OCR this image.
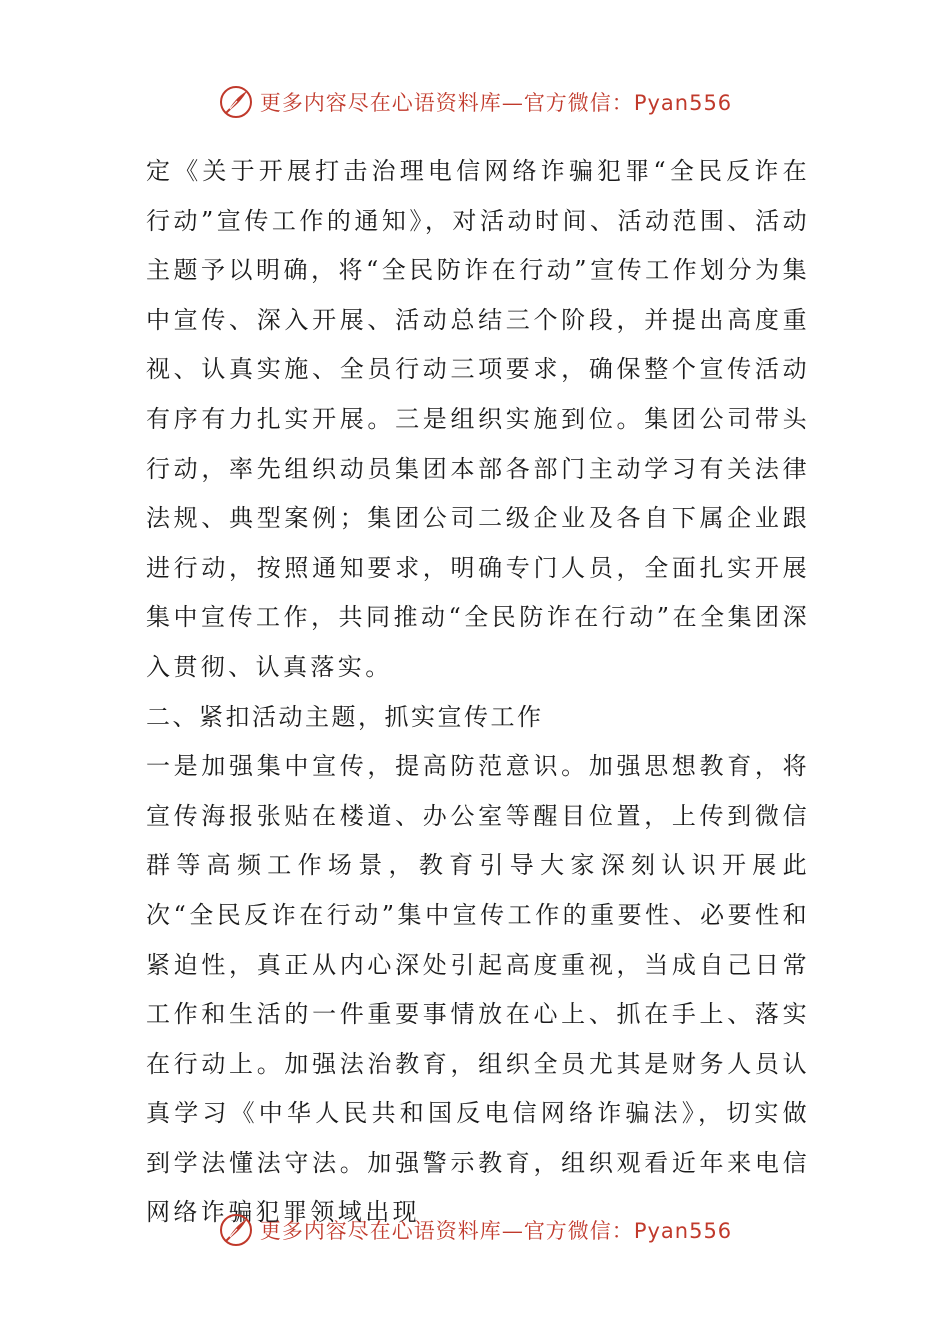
更多内容尽在心语资料库—官方微信：Pyan556

定《关于开展打击治理电信网络诈骗犯罪“全民反诈在行动”宣传工作的通知》，对活动时间、活动范围、活动主题予以明确，将“全民防诈在行动”宣传工作划分为集中宣传、深入开展、活动总结三个阶段，并提出高度重视、认真实施、全员行动三项要求，确保整个宣传活动有序有力扎实开展。三是组织实施到位。集团公司带头行动，率先组织动员集团本部各部门主动学习有关法律法规、典型案例；集团公司二级企业及各自下属企业跟进行动，按照通知要求，明确专门人员，全面扎实开展集中宣传工作，共同推动“全民防诈在行动”在全集团深入贯彻、认真落实。

二、紧扣活动主题，抓实宣传工作

一是加强集中宣传，提高防范意识。加强思想教育，将宣传海报张贴在楼道、办公室等醒目位置，上传到微信群等高频工作场景，教育引导大家深刻认识开展此次“全民反诈在行动”集中宣传工作的重要性、必要性和紧迫性，真正从内心深处引起高度重视，当成自己日常工作和生活的一件重要事情放在心上、抓在手上、落实在行动上。加强法治教育，组织全员尤其是财务人员认真学习《中华人民共和国反电信网络诈骗法》，切实做到学法懂法守法。加强警示教育，组织观看近年来电信网络诈骗犯罪领域出现

更多内容尽在心语资料库—官方微信：Pyan556
